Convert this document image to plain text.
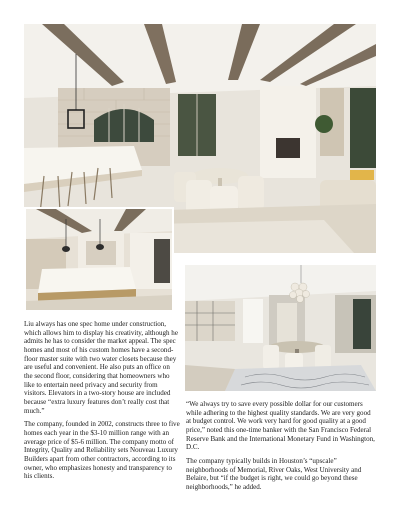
Liu always has one spec home under construction, which allows him to display his creativity, although he admits he has to consider the market appeal. The spec homes and most of his custom homes have a second-floor master suite with two water closets because they are useful and convenient. He also puts an office on the second floor, considering that homeowners who like to entertain need privacy and security from visitors. Elevators in a two-story house are included because “extra luxury features don’t really cost that much.”

The company, founded in 2002, constructs three to five homes each year in the $3-10 million range with an average price of $5-6 million. The company motto of Integrity, Quality and Reliability sets Nouveau Luxury Builders apart from other contractors, according to its owner, who emphasizes honesty and transparency to his clients.

“We always try to save every possible dollar for our customers while adhering to the highest quality standards. We are very good at budget control. We work very hard for good quality at a good price,” noted this one-time banker with the San Francisco Federal Reserve Bank and the International Monetary Fund in Washington, D.C.

The company typically builds in Houston’s “upscale” neighborhoods of Memorial, River Oaks, West University and Belaire, but “if the budget is right, we could go beyond these neighborhoods,” he added.
